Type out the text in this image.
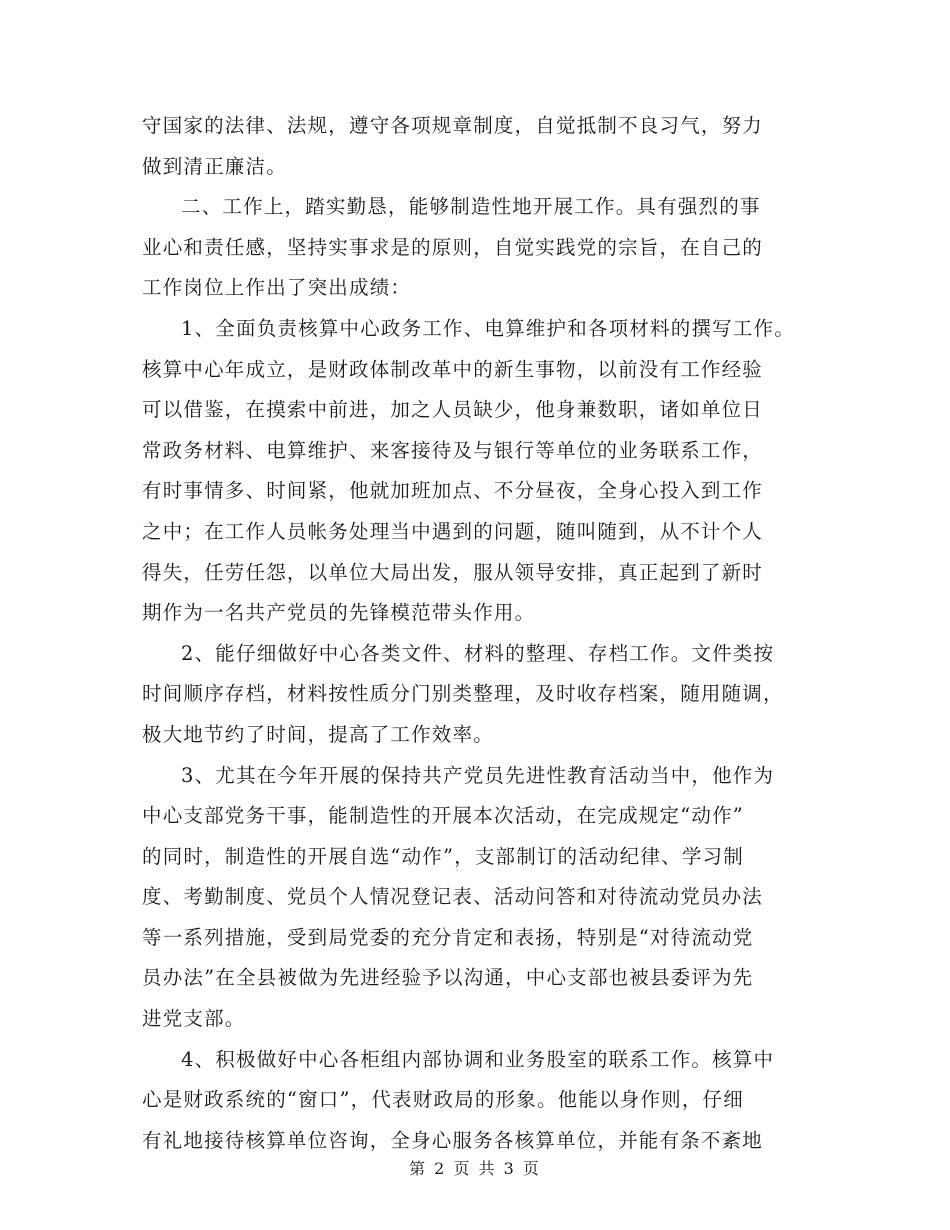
守国家的法律、法规，遵守各项规章制度，自觉抵制不良习气，努力
做到清正廉洁。
二、工作上，踏实勤恳，能够制造性地开展工作。具有强烈的事
业心和责任感，坚持实事求是的原则，自觉实践党的宗旨，在自己的
工作岗位上作出了突出成绩：
1、全面负责核算中心政务工作、电算维护和各项材料的撰写工作。
核算中心年成立，是财政体制改革中的新生事物，以前没有工作经验
可以借鉴，在摸索中前进，加之人员缺少，他身兼数职，诸如单位日
常政务材料、电算维护、来客接待及与银行等单位的业务联系工作，
有时事情多、时间紧，他就加班加点、不分昼夜，全身心投入到工作
之中；在工作人员帐务处理当中遇到的问题，随叫随到，从不计个人
得失，任劳任怨，以单位大局出发，服从领导安排，真正起到了新时
期作为一名共产党员的先锋模范带头作用。
2、能仔细做好中心各类文件、材料的整理、存档工作。文件类按
时间顺序存档，材料按性质分门别类整理，及时收存档案，随用随调，
极大地节约了时间，提高了工作效率。
3、尤其在今年开展的保持共产党员先进性教育活动当中，他作为
中心支部党务干事，能制造性的开展本次活动，在完成规定“动作”
的同时，制造性的开展自选“动作”，支部制订的活动纪律、学习制
度、考勤制度、党员个人情况登记表、活动问答和对待流动党员办法
等一系列措施，受到局党委的充分肯定和表扬，特别是“对待流动党
员办法”在全县被做为先进经验予以沟通，中心支部也被县委评为先
进党支部。
4、积极做好中心各柜组内部协调和业务股室的联系工作。核算中
心是财政系统的“窗口”，代表财政局的形象。他能以身作则，仔细
有礼地接待核算单位咨询，全身心服务各核算单位，并能有条不紊地
第 2 页 共 3 页
